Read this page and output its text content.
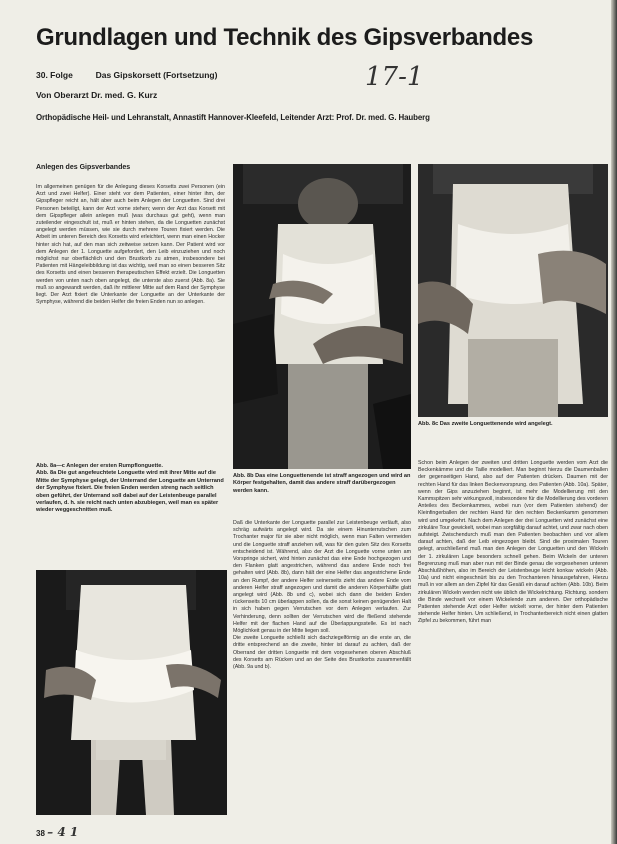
Grundlagen und Technik des Gipsverbandes
17-1
30. Folge	Das Gipskorsett (Fortsetzung)
Von Oberarzt Dr. med. G. Kurz
Orthopädische Heil- und Lehranstalt, Annastift Hannover-Kleefeld, Leitender Arzt: Prof. Dr. med. G. Hauberg
Anlegen des Gipsverbandes
Im allgemeinen genügen für die Anlegung dieses Korsetts zwei Personen (ein Arzt und zwei Helfer). Einer steht vor dem Patienten, einer hinter ihm, der Gipspfleger reicht an, hält aber auch beim Anlegen der Longuetten. Sind drei Personen beteiligt, kann der Arzt vorne stehen; wenn der Arzt das Korsett mit dem Gipspfleger allein anlegen muß (was durchaus gut geht), wenn man zuteilender eingeschult ist, muß er hinten stehen, da die Longuetten zunächst angelegt werden müssen, wie sie durch mehrere Touren fixiert werden. Die Arbeit im unteren Bereich des Korsetts wird erleichtert, wenn man einen Hocker hinter sich hat, auf den man sich zeitweise setzen kann. Der Patient wird vor dem Anlegen der 1. Longuette aufgefordert, den Leib einzuziehen und noch möglichst nur oberflächlich und den Brustkorb zu atmen, insbesondere bei Patienten mit Hängeleibbildung ist das wichtig, weil man so einen besseren Sitz des Korsetts und einen besseren therapeutischen Effekt erzielt. Die Longuetten werden von unten nach oben angelegt, die unterste also zuerst (Abb. 8a). Sie muß so angewandt werden, daß ihr mittlerer Mitte auf dem Rand der Symphyse liegt. Der Arzt fixiert die Unterkante der Longuette an der Unterkante der Symphyse, während die beiden Helfer die freien Enden nun so anlegen.
Abb. 8a—c Anlegen der ersten Rumpflonguette.
Abb. 8a Die gut angefeuchtete Longuette wird mit ihrer Mitte auf die Mitte der Symphyse gelegt, der Unterrand der Longuette am Unterrand der Symphyse fixiert. Die freien Enden werden streng nach seitlich oben geführt, der Unterrand soll dabei auf der Leistenbeuge parallel verlaufen, d. h. sie reicht nach unten abzubiegen, weil man es später wieder weggeschnitten muß.
Abb. 8b Das eine Longuettenende ist straff angezogen und wird an Körper festgehalten, damit das andere straff darübergezogen werden kann.
Abb. 8c Das zweite Longuettenende wird angelegt.
Daß die Unterkante der Longuette parallel zur Leistenbeuge verläuft, also schräg aufwärts angelegt wird. Da sie einem Hinunterrutschen zum Trochanter major für sie aber nicht möglich, wenn man Falten vermeiden und die Longuette straff anziehen will, was für den guten Sitz des Korsetts entscheidend ist. Während, also der Arzt die Longuette vorne unten am Vorspringe sichert, wird hinten zunächst das eine Ende hochgezogen und den Flanken glatt angestrichen, während das andere Ende noch frei gehalten wird (Abb. 8b), dann hält der eine Helfer das angestrichene Ende an den Rumpf, der andere Helfer seinerseits zieht das andere Ende vom anderen Helfer straff angezogen und damit die anderen Körperhälfte glatt angelegt wird (Abb. 8b und c), wobei sich dann die beiden Enden rückenseits 10 cm überlappen sollen, da die sonst keinen genügenden Halt in sich haben gegen Verrutschen vor dem Anlegen verlaufen. Zur Verhinderung, denn sollten der Verrutschen wird die fließend stehende Helfer mit der flachen Hand auf die Überlappungsstelle. Es ist nach Möglichkeit genau in der Mitte liegen soll.
Die zweite Longuette schließt sich dachziegelförmig an die erste an, die dritte entsprechend an die zweite, hinter ist darauf zu achten, daß der Oberrand der dritten Longuette mit dem vorgesehenen oberen Abschluß des Korsetts am Rücken und an der Seite des Brustkorbs zusammenfällt (Abb. 9a und b).
Schon beim Anlegen der zweiten und dritten Longuette werden vom Arzt die Beckenkämme und die Taille modelliert. Man beginnt hierzu die Daumenballen der gegenseitigen Hand, also auf der Patienten drücken. Daumen mit der rechten Hand für das linken Beckenvorsprung. des Patienten (Abb. 10a). Später, wenn der Gips anzuziehen beginnt, ist mehr die Modellierung mit den Kammspitzen sehr wirkungsvoll, insbesondere für die Modellierung des vorderen Anteiles des Beckenkammes, wobei nun (vor dem Patienten stehend) der Kleinfingerballen der rechten Hand für den rechten Beckenkamm genommen wird und umgekehrt. Nach dem Anlegen der drei Longuetten wird zunächst eine zirkuläre Tour gewickelt, wobei man sorgfältig darauf achtet, und zwar nach oben aufsteigt. Zwischendurch muß man den Patienten beobachten und vor allem darauf achten, daß der Leib eingezogen bleibt. Sind die proximalen Touren gelegt, anschließend muß man den Anlegen der Longuetten und den Wickeln der 1. zirkulären Lage besonders schnell gehen. Beim Wickeln der unteren Begrenzung muß man aber nun mit der Binde genau die vorgesehenen unteren Abschlußhöhen, also im Bereich der Leistenbeuge leicht konkav wickeln (Abb. 10a) und nicht eingeschnürt bis zu den Trochanteren hinausgefahren, Hierzu muß in vor allem an den Zipfel für das Gesäß ein darauf achten (Abb. 10b). Beim zirkulären Wickeln werden nicht wie üblich die Wickelrichtung. Richtung. sondern die Binde wechselt vor einem Wickelende zum anderen. Der orthopädische Patienten stehende Arzt oder Helfer wickelt vorne, der hinter dem Patienten stehende Helfer hinten. Um schließend, in Trochanterbereich nicht einen glatten Zipfel zu bekommen, führt man
38 – 4 1
